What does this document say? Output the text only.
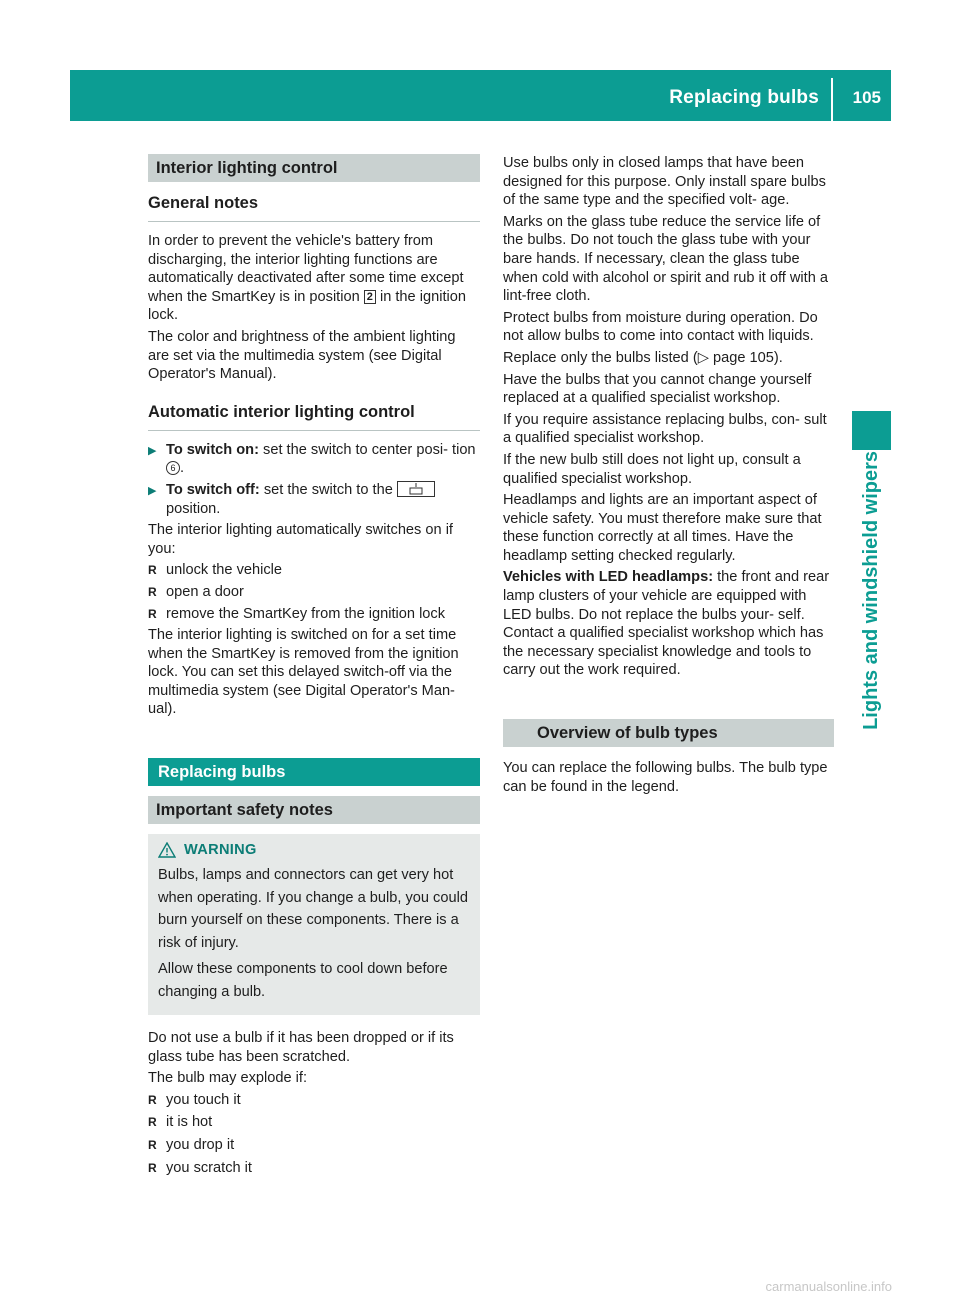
Replacing bulbs 105
Lights and windshield wipers
Interior lighting control
General notes

In order to prevent the vehicle's battery from discharging, the interior lighting functions are automatically deactivated after some time except when the SmartKey is in position 2 in the ignition lock.

The color and brightness of the ambient lighting are set via the multimedia system (see Digital Operator's Manual).

Automatic interior lighting control
▶ To switch on: set the switch to center posi- tion 6 .
▶ To switch off: set the switch to the  position.

The interior lighting automatically switches on if you:

R unlock the vehicle
R open a door
R remove the SmartKey from the ignition lock

The interior lighting is switched on for a set time when the SmartKey is removed from the ignition lock. You can set this delayed switch-off via the multimedia system (see Digital Operator's Man- ual).

Replacing bulbs
Important safety notes
WARNING

Bulbs, lamps and connectors can get very hot when operating. If you change a bulb, you could burn yourself on these components. There is a risk of injury.

Allow these components to cool down before changing a bulb.

Do not use a bulb if it has been dropped or if its glass tube has been scratched.

The bulb may explode if:

R you touch it
R it is hot
R you drop it
R you scratch it

Use bulbs only in closed lamps that have been designed for this purpose. Only install spare bulbs of the same type and the specified volt- age.

Marks on the glass tube reduce the service life of the bulbs. Do not touch the glass tube with your bare hands. If necessary, clean the glass tube when cold with alcohol or spirit and rub it off with a lint-free cloth.

Protect bulbs from moisture during operation. Do not allow bulbs to come into contact with liquids.

Replace only the bulbs listed (▷ page 105).

Have the bulbs that you cannot change yourself replaced at a qualified specialist workshop.

If you require assistance replacing bulbs, con- sult a qualified specialist workshop.

If the new bulb still does not light up, consult a qualified specialist workshop.

Headlamps and lights are an important aspect of vehicle safety. You must therefore make sure that these function correctly at all times. Have the headlamp setting checked regularly.

Vehicles with LED headlamps: the front and rear lamp clusters of your vehicle are equipped with LED bulbs. Do not replace the bulbs your- self. Contact a qualified specialist workshop which has the necessary specialist knowledge and tools to carry out the work required.

Overview of bulb types

You can replace the following bulbs. The bulb type can be found in the legend.

carmanualsonline.info
